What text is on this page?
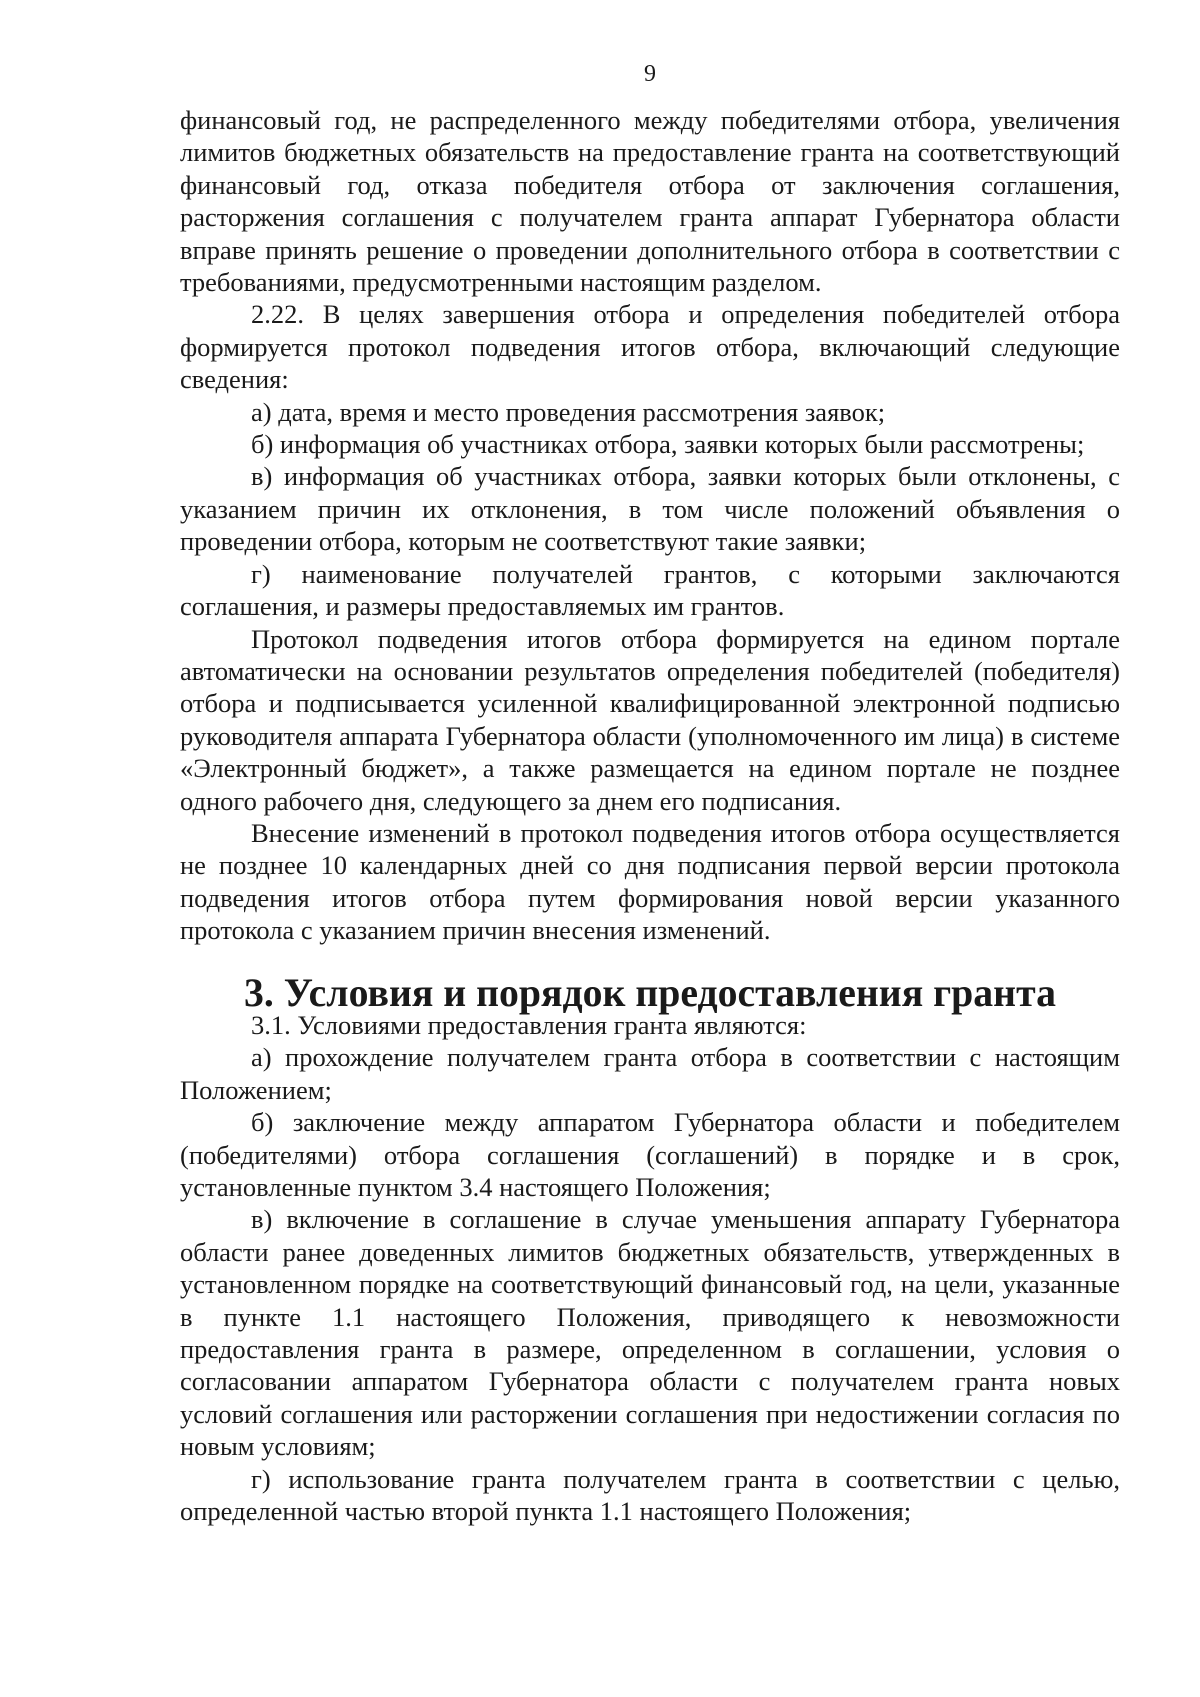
9

финансовый год, не распределенного между победителями отбора, увеличения лимитов бюджетных обязательств на предоставление гранта на соответствующий финансовый год, отказа победителя отбора от заключения соглашения, расторжения соглашения с получателем гранта аппарат Губернатора области вправе принять решение о проведении дополнительного отбора в соответствии с требованиями, предусмотренными настоящим разделом.

2.22. В целях завершения отбора и определения победителей отбора формируется протокол подведения итогов отбора, включающий следующие сведения:

а) дата, время и место проведения рассмотрения заявок;

б) информация об участниках отбора, заявки которых были рассмотрены;

в) информация об участниках отбора, заявки которых были отклонены, с указанием причин их отклонения, в том числе положений объявления о проведении отбора, которым не соответствуют такие заявки;

г) наименование получателей грантов, с которыми заключаются соглашения, и размеры предоставляемых им грантов.

Протокол подведения итогов отбора формируется на едином портале автоматически на основании результатов определения победителей (победителя) отбора и подписывается усиленной квалифицированной электронной подписью руководителя аппарата Губернатора области (уполномоченного им лица) в системе «Электронный бюджет», а также размещается на едином портале не позднее одного рабочего дня, следующего за днем его подписания.

Внесение изменений в протокол подведения итогов отбора осуществляется не позднее 10 календарных дней со дня подписания первой версии протокола подведения итогов отбора путем формирования новой версии указанного протокола с указанием причин внесения изменений.

3. Условия и порядок предоставления гранта

3.1. Условиями предоставления гранта являются:

а) прохождение получателем гранта отбора в соответствии с настоящим Положением;

б) заключение между аппаратом Губернатора области и победителем (победителями) отбора соглашения (соглашений) в порядке и в срок, установленные пунктом 3.4 настоящего Положения;

в) включение в соглашение в случае уменьшения аппарату Губернатора области ранее доведенных лимитов бюджетных обязательств, утвержденных в установленном порядке на соответствующий финансовый год, на цели, указанные в пункте 1.1 настоящего Положения, приводящего к невозможности предоставления гранта в размере, определенном в соглашении, условия о согласовании аппаратом Губернатора области с получателем гранта новых условий соглашения или расторжении соглашения при недостижении согласия по новым условиям;

г) использование гранта получателем гранта в соответствии с целью, определенной частью второй пункта 1.1 настоящего Положения;
